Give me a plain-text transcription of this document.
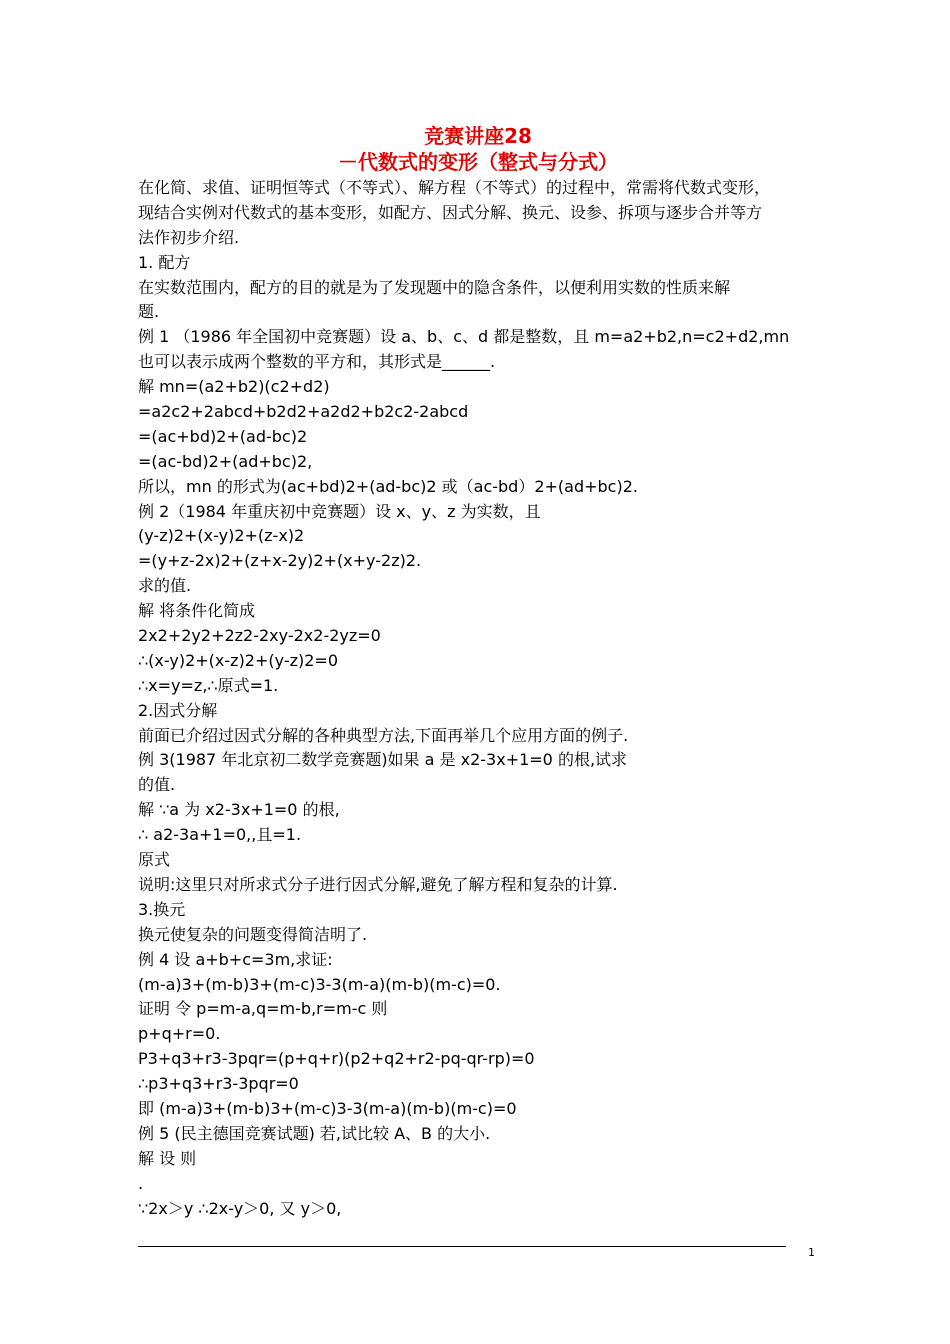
竞赛讲座28
－代数式的变形（整式与分式）
在化简、求值、证明恒等式（不等式）、解方程（不等式）的过程中，常需将代数式变形，
现结合实例对代数式的基本变形，如配方、因式分解、换元、设参、拆项与逐步合并等方
法作初步介绍.
1. 配方
在实数范围内，配方的目的就是为了发现题中的隐含条件，以便利用实数的性质来解
题.
例 1 （1986 年全国初中竞赛题）设 a、b、c、d 都是整数，且 m=a2+b2,n=c2+d2,mn
也可以表示成两个整数的平方和，其形式是______.
解 mn=(a2+b2)(c2+d2)
=a2c2+2abcd+b2d2+a2d2+b2c2-2abcd
=(ac+bd)2+(ad-bc)2
=(ac-bd)2+(ad+bc)2,
所以，mn 的形式为(ac+bd)2+(ad-bc)2 或（ac-bd）2+(ad+bc)2.
例 2（1984 年重庆初中竞赛题）设 x、y、z 为实数，且
(y-z)2+(x-y)2+(z-x)2
=(y+z-2x)2+(z+x-2y)2+(x+y-2z)2.
求的值.
解 将条件化简成
2x2+2y2+2z2-2xy-2x2-2yz=0
∴(x-y)2+(x-z)2+(y-z)2=0
∴x=y=z,∴原式=1.
2.因式分解
前面已介绍过因式分解的各种典型方法,下面再举几个应用方面的例子.
例 3(1987 年北京初二数学竞赛题)如果 a 是 x2-3x+1=0 的根,试求
的值.
解 ∵a 为 x2-3x+1=0 的根,
∴ a2-3a+1=0,,且=1.
原式
说明:这里只对所求式分子进行因式分解,避免了解方程和复杂的计算.
3.换元
换元使复杂的问题变得简洁明了.
例 4 设 a+b+c=3m,求证:
(m-a)3+(m-b)3+(m-c)3-3(m-a)(m-b)(m-c)=0.
证明 令 p=m-a,q=m-b,r=m-c 则
p+q+r=0.
P3+q3+r3-3pqr=(p+q+r)(p2+q2+r2-pq-qr-rp)=0
∴p3+q3+r3-3pqr=0
即 (m-a)3+(m-b)3+(m-c)3-3(m-a)(m-b)(m-c)=0
例 5 (民主德国竞赛试题) 若,试比较 A、B 的大小.
解 设 则
.
∵2x＞y ∴2x-y＞0, 又 y＞0,
1
